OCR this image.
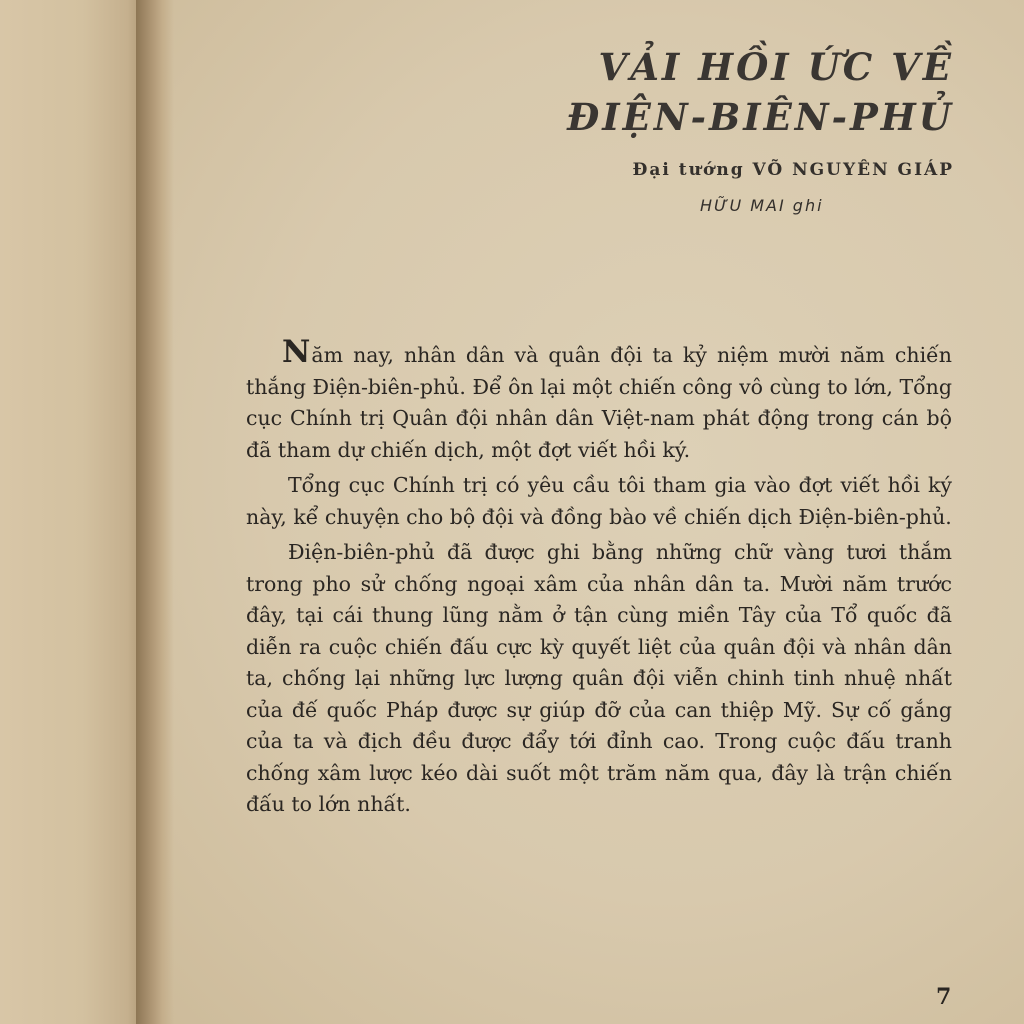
VẢI HỒI ỨC VỀ
ĐIỆN-BIÊN-PHỦ
Đại tướng VÕ NGUYÊN GIÁP
HỮU MAI ghi

Năm nay, nhân dân và quân đội ta kỷ niệm mười năm chiến thắng Điện-biên-phủ. Để ôn lại một chiến công vô cùng to lớn, Tổng cục Chính trị Quân đội nhân dân Việt-nam phát động trong cán bộ đã tham dự chiến dịch, một đợt viết hồi ký.

Tổng cục Chính trị có yêu cầu tôi tham gia vào đợt viết hồi ký này, kể chuyện cho bộ đội và đồng bào về chiến dịch Điện-biên-phủ.

Điện-biên-phủ đã được ghi bằng những chữ vàng tươi thắm trong pho sử chống ngoại xâm của nhân dân ta. Mười năm trước đây, tại cái thung lũng nằm ở tận cùng miền Tây của Tổ quốc đã diễn ra cuộc chiến đấu cực kỳ quyết liệt của quân đội và nhân dân ta, chống lại những lực lượng quân đội viễn chinh tinh nhuệ nhất của đế quốc Pháp được sự giúp đỡ của can thiệp Mỹ. Sự cố gắng của ta và địch đều được đẩy tới đỉnh cao. Trong cuộc đấu tranh chống xâm lược kéo dài suốt một trăm năm qua, đây là trận chiến đấu to lớn nhất.

7
